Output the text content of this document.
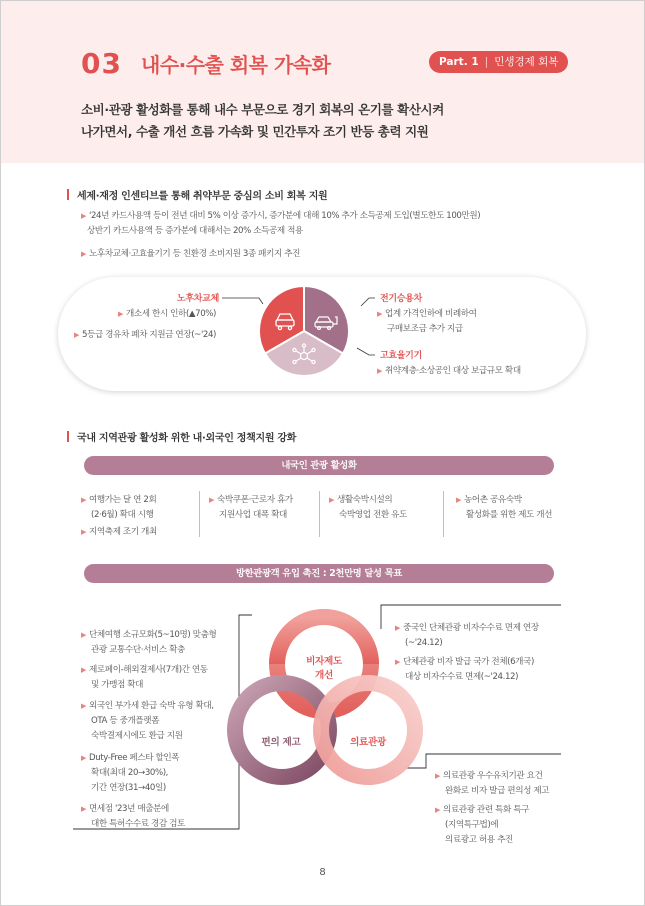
03 내수·수출 회복 가속화	Part. 1 | 민생경제 회복
소비·관광 활성화를 통해 내수 부문으로 경기 회복의 온기를 확산시켜
나가면서, 수출 개선 흐름 가속화 및 민간투자 조기 반등 총력 지원
세제·재정 인센티브를 통해 취약부문 중심의 소비 회복 지원
▶ '24년 카드사용액 등이 전년 대비 5% 이상 증가시, 증가분에 대해 10% 추가 소득공제 도입(별도한도 100만원)
상반기 카드사용액 등 증가분에 대해서는 20% 소득공제 적용
▶ 노후차교체·고효율기기 등 친환경 소비지원 3종 패키지 추진
노후차교체
▶ 개소세 한시 인하(▲70%)
▶ 5등급 경유차 폐차 지원금 연장(~'24)
전기승용차
▶ 업계 가격인하에 비례하여
구매보조금 추가 지급
고효율기기
▶ 취약계층·소상공인 대상 보급규모 확대
국내 지역관광 활성화 위한 내·외국인 정책지원 강화
내국인 관광 활성화
▶ 여행가는 달 연 2회
(2·6월) 확대 시행
▶ 지역축제 조기 개최
▶ 숙박쿠폰·근로자 휴가
지원사업 대폭 확대
▶ 생활숙박시설의
숙박영업 전환 유도
▶ 농어촌 공유숙박
활성화를 위한 제도 개선
방한관광객 유입 촉진 : 2천만명 달성 목표
비자제도
개선
편의 제고	의료관광
▶ 단체여행 소규모화(5~10명) 맞춤형
관광 교통수단·서비스 확충
▶ 제로페이-해외결제사(7개)간 연동
및 가맹점 확대
▶ 외국인 부가세 환급 숙박 유형 확대,
OTA 등 중개플랫폼
숙박결제시에도 환급 지원
▶ Duty-Free 페스타 할인폭
확대(최대 20→30%),
기간 연장(31→40일)
▶ 면세점 '23년 매출분에
대한 특허수수료 경감 검토
▶ 중국인 단체관광 비자수수료 면제 연장
(~'24.12)
▶ 단체관광 비자 발급 국가 전체(6개국)
대상 비자수수료 면제(~'24.12)
▶ 의료관광 우수유치기관 요건
완화로 비자 발급 편의성 제고
▶ 의료관광 관련 특화 특구
(지역특구법)에
의료광고 허용 추진
8
